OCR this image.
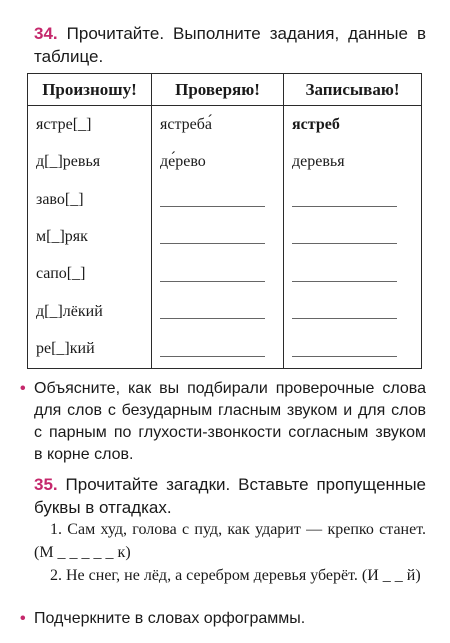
34. Прочитайте. Выполните задания, данные в таблице.
Произношу!	Проверяю!	Записываю!
ястре[_]	ястреба́	ястреб
д[_]ревья	де́рево	деревья
заво[_]	

м[_]ряк	

сапо[_]	

д[_]лёкий	

ре[_]кий	

• Объясните, как вы подбирали проверочные слова для слов с безударным гласным звуком и для слов с парным по глухости-звонкости согласным звуком в корне слов.
35. Прочитайте загадки. Вставьте пропущенные буквы в отгадках.
1. Сам худ, голова с пуд, как ударит — крепко станет. (М _ _ _ _ _ к)
2. Не снег, не лёд, а серебром деревья уберёт. (И _ _ й)
• Подчеркните в словах орфограммы.
